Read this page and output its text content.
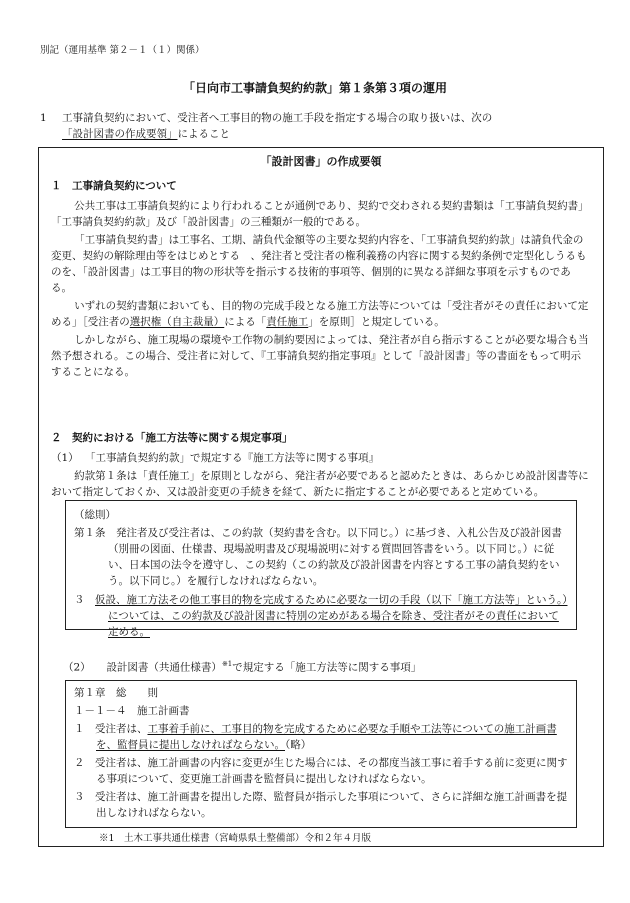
別記（運用基準 第２－１（１）関係）
「日向市工事請負契約約款」第１条第３項の運用
1 工事請負契約において、受注者へ工事目的物の施工手段を指定する場合の取り扱いは、次の「設計図書の作成要領」によること
「設計図書」の作成要領
１　工事請負契約について

公共工事は工事請負契約により行われることが通例であり、契約で交わされる契約書類は「工事請負契約書」「工事請負契約約款」及び「設計図書」の三種類が一般的である。

「工事請負契約書」は工事名、工期、請負代金額等の主要な契約内容を、「工事請負契約約款」は請負代金の変更、契約の解除理由等をはじめとする　、発注者と受注者の権利義務の内容に関する契約条例で定型化しうるものを、「設計図書」は工事目的物の形状等を指示する技術的事項等、個別的に異なる詳細な事項を示すものである。

いずれの契約書類においても、目的物の完成手段となる施工方法等については「受注者がその責任において定める」［受注者の選択権（自主裁量）による「責任施工」を原則］と規定している。

しかしながら、施工現場の環境や工作物の制約要因によっては、発注者が自ら指示することが必要な場合も当然予想される。この場合、受注者に対して、『工事請負契約指定事項』として「設計図書」等の書面をもって明示することになる。

２　契約における「施工方法等に関する規定事項」

（1） 「工事請負契約約款」で規定する『施工方法等に関する事項』

約款第１条は「責任施工」を原則としながら、発注者が必要であると認めたときは、あらかじめ設計図書等において指定しておくか、又は設計変更の手続きを経て、新たに指定することが必要であると定めている。

（総則）

第１条　 発注者及び受注者は、この約款（契約書を含む。以下同じ。）に基づき、入札公告及び設計図書（別冊の図面、仕様書、現場説明書及び現場説明に対する質問回答書をいう。以下同じ。）に従い、日本国の法令を遵守し、この契約（この約款及び設計図書を内容とする工事の請負契約をいう。以下同じ。）を履行しなければならない。

３　 仮設、施工方法その他工事目的物を完成するために必要な一切の手段（以下「施工方法等」という。）については、この約款及び設計図書に特別の定めがある場合を除き、受注者がその責任において定める。

（2）　　 設計図書（共通仕様書）$^{※1}$で規定する「施工方法等に関する事項」

第１章　総　　則

１－１－４　施工計画書

１　 受注者は、工事着手前に、工事目的物を完成するために必要な手順や工法等についての施工計画書を、監督員に提出しなければならない。（略）

２　 受注者は、施工計画書の内容に変更が生じた場合には、その都度当該工事に着手する前に変更に関する事項について、変更施工計画書を監督員に提出しなければならない。

３　 受注者は、施工計画書を提出した際、監督員が指示した事項について、さらに詳細な施工計画書を提出しなければならない。

※1　土木工事共通仕様書（宮崎県県土整備部）令和２年４月版
